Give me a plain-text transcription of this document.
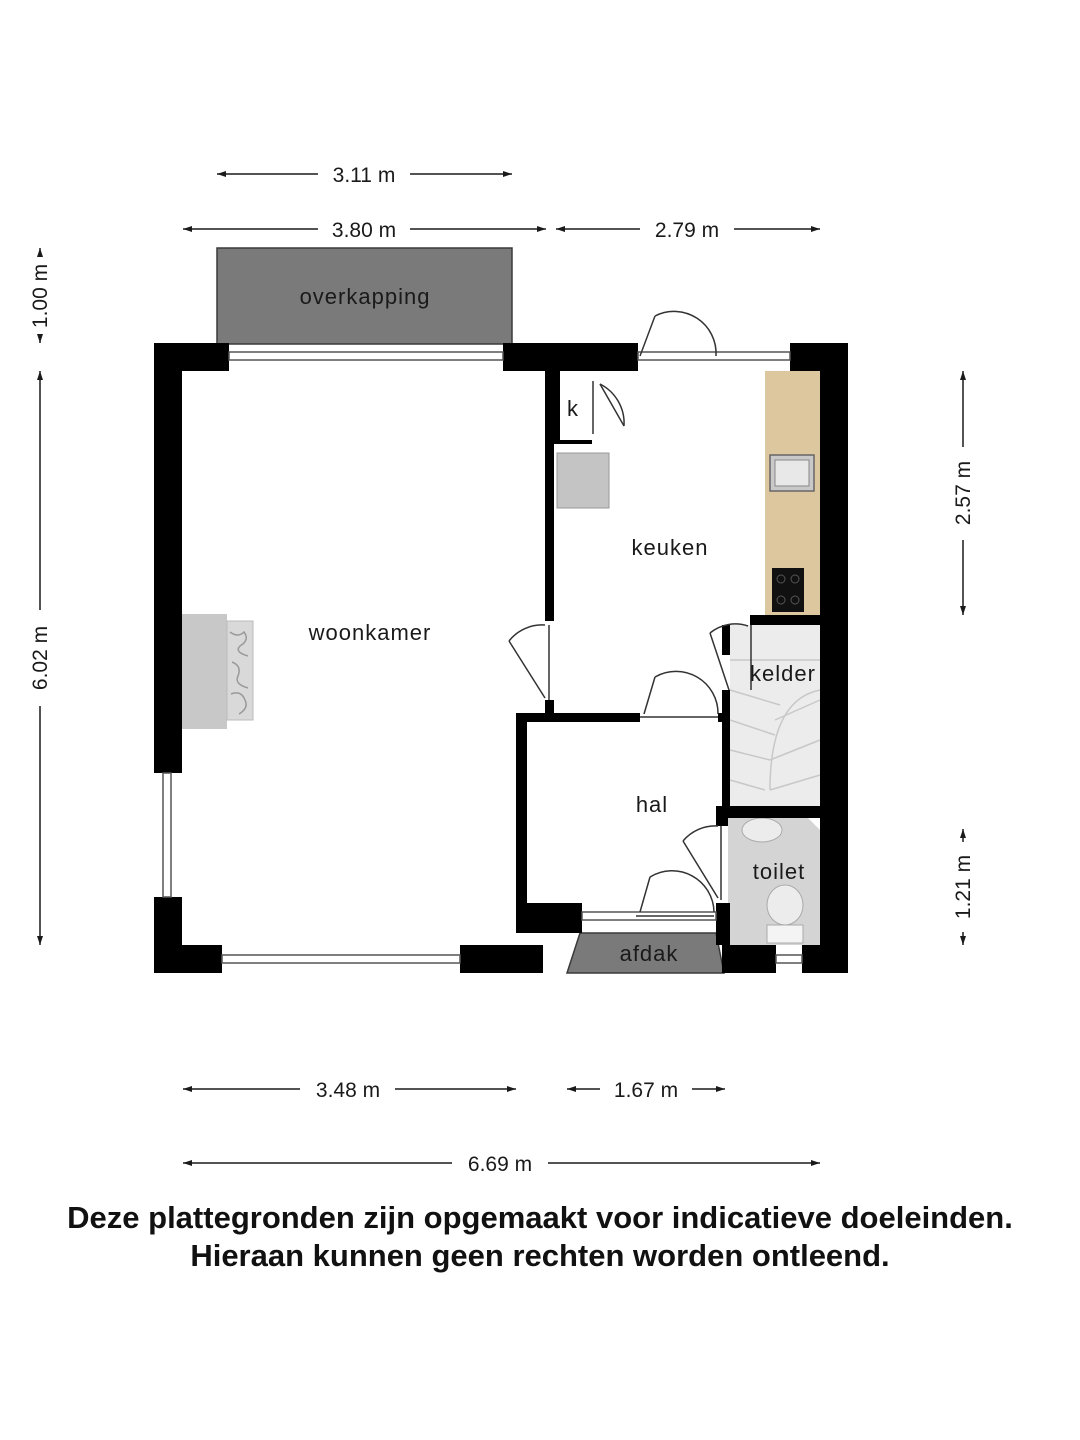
overkapping
woonkamer
keuken
k
kelder
hal
toilet
afdak
3.11 m
3.80 m	2.79 m
1.00 m
6.02 m
2.57 m
1.21 m
3.48 m	1.67 m
6.69 m
Deze plattegronden zijn opgemaakt voor indicatieve doeleinden.
Hieraan kunnen geen rechten worden ontleend.
